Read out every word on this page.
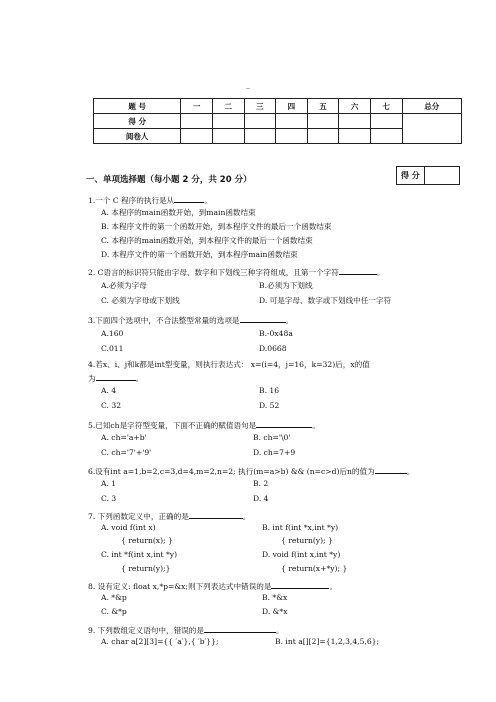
_
题 号	一	二	三	四	五	六	七	总分
得 分								
阅卷人								
一、单项选择题（每小题 2 分，共 20 分）	得 分	
1.一个 C 程序的执行是从	。
A. 本程序的main函数开始，到main函数结束
B. 本程序文件的第一个函数开始，到本程序文件的最后一个函数结束
C. 本程序的main函数开始，到本程序文件的最后一个函数结束
D. 本程序文件的第一个函数开始，到本程序main函数结束
2. C语言的标识符只能由字母、数字和下划线三种字符组成，且第一个字符	。
A.必须为字母	B.必须为下划线
C. 必须为字母或下划线	D. 可是字母、数字或下划线中任一字符
3.下面四个选项中，不合法整型常量的选项是	。
A.160	B.-0x48a
C.011	D.0668
4.若x、i、j和k都是int型变量，则执行表达式： x=(i=4，j=16，k=32)后，x的值
为	。
A. 4	B. 16
C. 32	D. 52
5.已知ch是字符型变量，下面不正确的赋值语句是	。
A. ch='a+b'	B. ch='\0'
C. ch='7'+'9'	D. ch=7+9
6.设有int a=1,b=2,c=3,d=4,m=2,n=2; 执行(m=a>b) && (n=c>d)后n的值为	。
A. 1	B. 2
C. 3	D. 4
7. 下列函数定义中，正确的是	。
A. void f(int x)	B. int f(int *x,int *y)
{ return(x); }	{ return(y); }
C. int *f(int x,int *y)	D. void f(int x,int *y)
{ return(y);}	{ return(x+*y); }
8. 设有定义: float x,*p=&x;则下列表达式中错误的是	。
A. *&p	B. *&x
C. &*p	D. &*x
9. 下列数组定义语句中，错误的是	。
A. char a[2][3]={{ ′a′},{ ′b′}};	B. int a[][2]={1,2,3,4,5,6};
